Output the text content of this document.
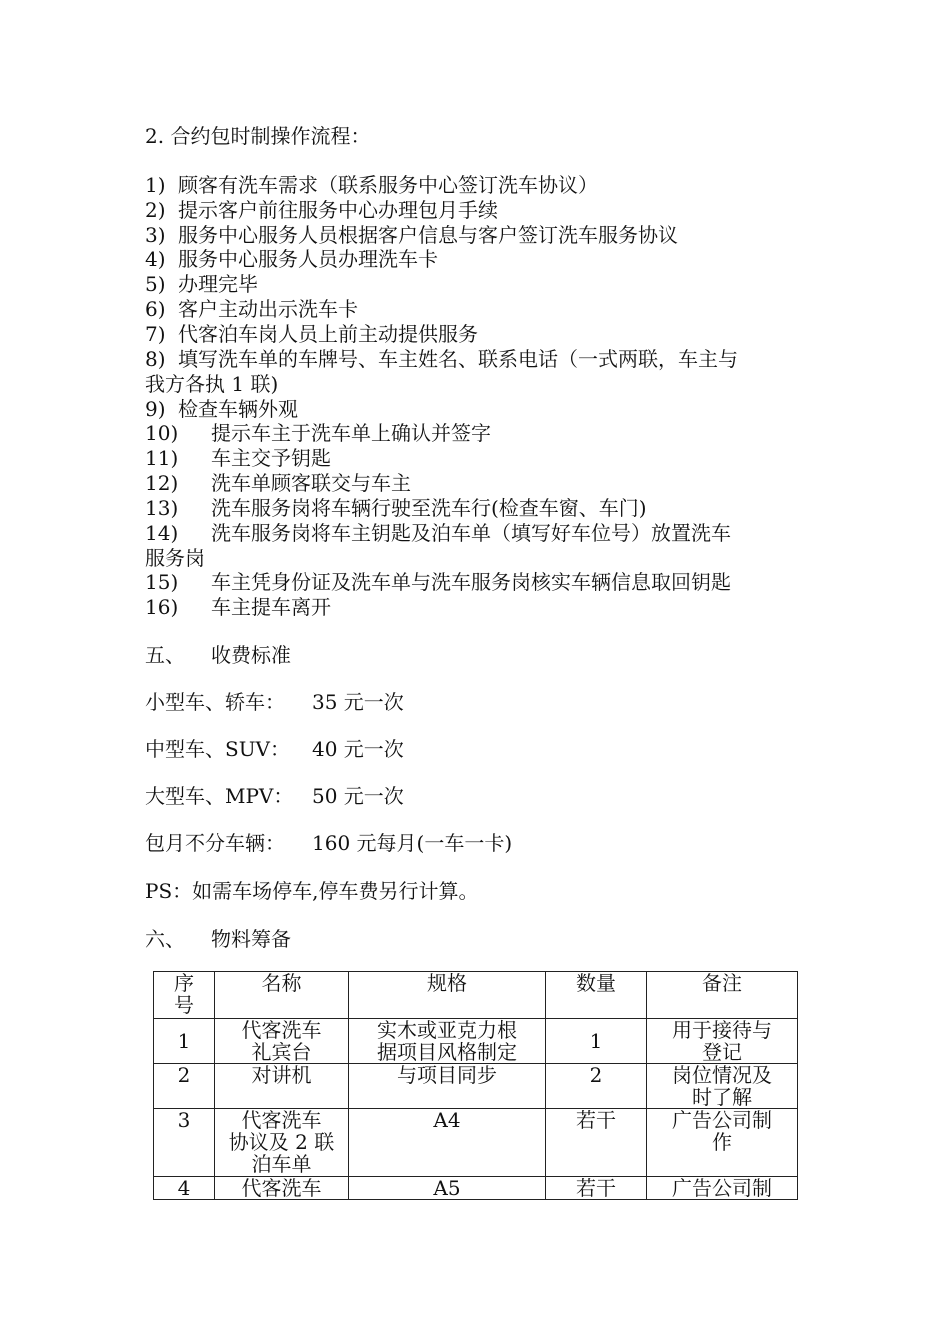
2. 合约包时制操作流程：
1) 顾客有洗车需求（联系服务中心签订洗车协议）
2) 提示客户前往服务中心办理包月手续
3) 服务中心服务人员根据客户信息与客户签订洗车服务协议
4) 服务中心服务人员办理洗车卡
5) 办理完毕
6) 客户主动出示洗车卡
7) 代客泊车岗人员上前主动提供服务
8) 填写洗车单的车牌号、车主姓名、联系电话（一式两联，车主与
我方各执 1 联)
9) 检查车辆外观
10) 提示车主于洗车单上确认并签字
11) 车主交予钥匙
12) 洗车单顾客联交与车主
13) 洗车服务岗将车辆行驶至洗车行(检查车窗、车门)
14) 洗车服务岗将车主钥匙及泊车单（填写好车位号）放置洗车
服务岗
15) 车主凭身份证及洗车单与洗车服务岗核实车辆信息取回钥匙
16) 车主提车离开
五、 收费标准
小型车、轿车： 35 元一次
中型车、SUV： 40 元一次
大型车、MPV： 50 元一次
包月不分车辆： 160 元每月(一车一卡)
PS：如需车场停车,停车费另行计算。
六、 物料筹备
序
号	名称	规格	数量	备注
1	代客洗车
礼宾台	实木或亚克力根
据项目风格制定	1	用于接待与
登记
2	对讲机	与项目同步	2	岗位情况及
时了解
3	代客洗车
协议及 2 联
泊车单	A4	若干	广告公司制
作
4	代客洗车	A5	若干	广告公司制
